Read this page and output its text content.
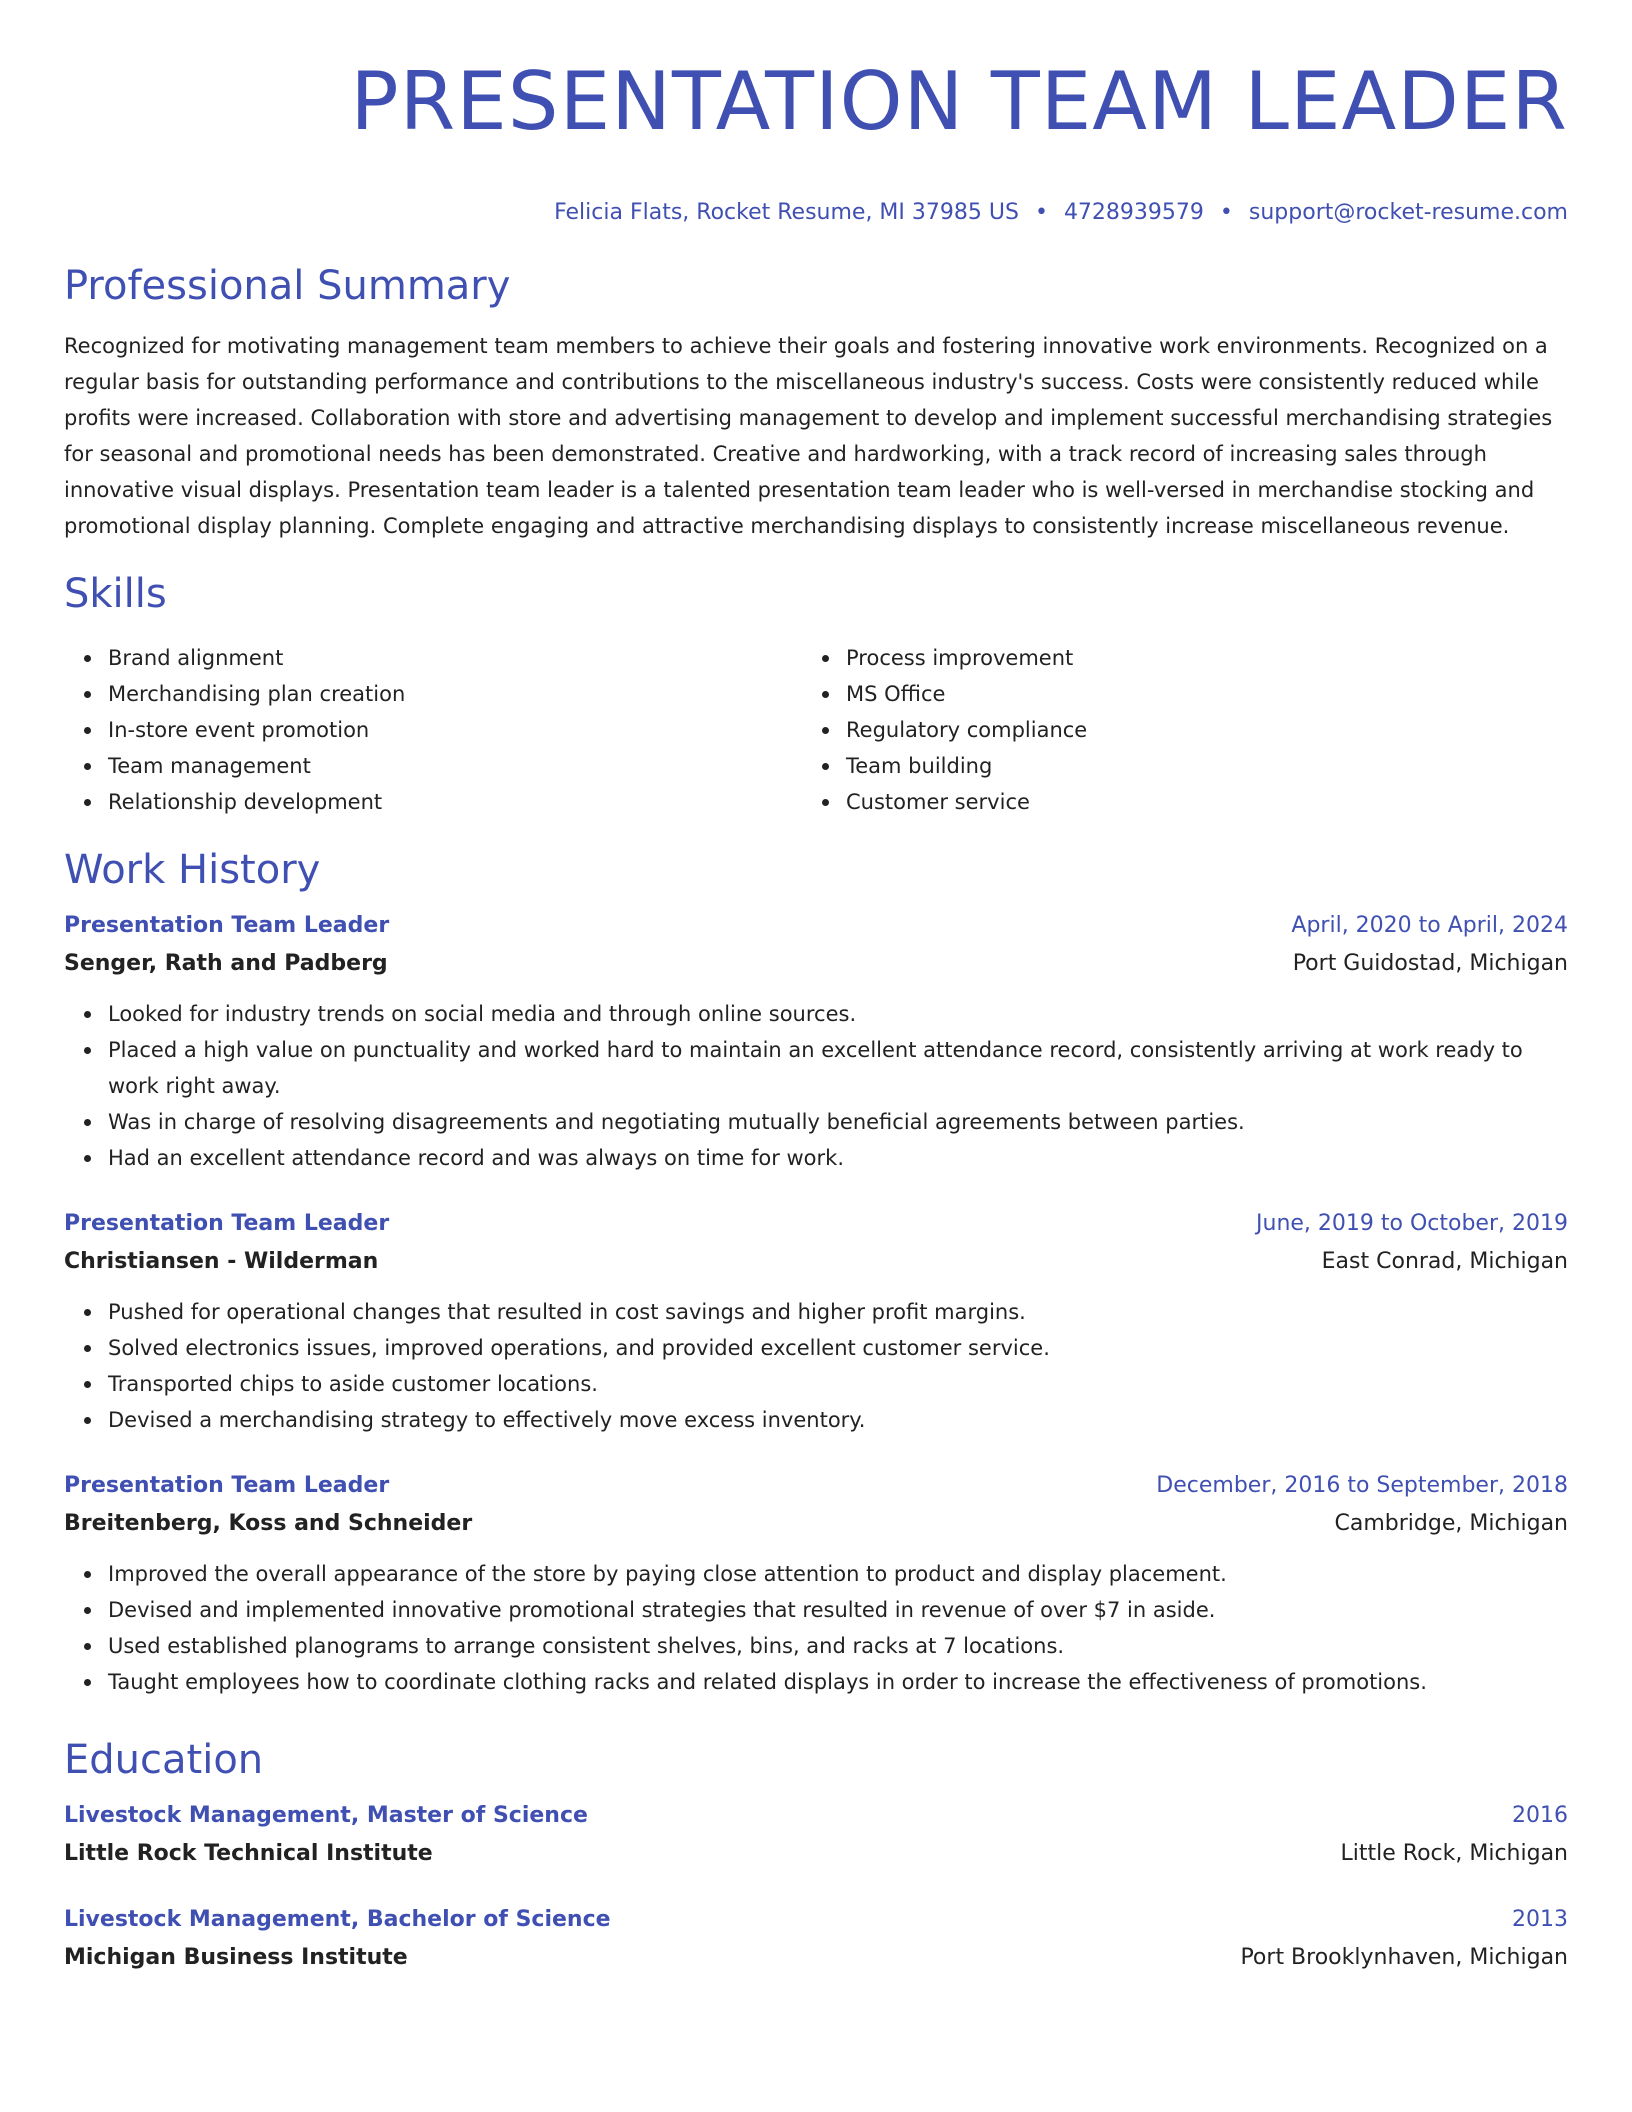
PRESENTATION TEAM LEADER
Felicia Flats, Rocket Resume, MI 37985 US • 4728939579 • support@rocket-resume.com
Professional Summary
Recognized for motivating management team members to achieve their goals and fostering innovative work environments. Recognized on a regular basis for outstanding performance and contributions to the miscellaneous industry's success. Costs were consistently reduced while profits were increased. Collaboration with store and advertising management to develop and implement successful merchandising strategies for seasonal and promotional needs has been demonstrated. Creative and hardworking, with a track record of increasing sales through innovative visual displays. Presentation team leader is a talented presentation team leader who is well-versed in merchandise stocking and promotional display planning. Complete engaging and attractive merchandising displays to consistently increase miscellaneous revenue.
Skills
Brand alignment
Merchandising plan creation
In-store event promotion
Team management
Relationship development
Process improvement
MS Office
Regulatory compliance
Team building
Customer service
Work History
Presentation Team Leader	April, 2020 to April, 2024
Senger, Rath and Padberg	Port Guidostad, Michigan
Looked for industry trends on social media and through online sources.
Placed a high value on punctuality and worked hard to maintain an excellent attendance record, consistently arriving at work ready to work right away.
Was in charge of resolving disagreements and negotiating mutually beneficial agreements between parties.
Had an excellent attendance record and was always on time for work.
Presentation Team Leader	June, 2019 to October, 2019
Christiansen - Wilderman	East Conrad, Michigan
Pushed for operational changes that resulted in cost savings and higher profit margins.
Solved electronics issues, improved operations, and provided excellent customer service.
Transported chips to aside customer locations.
Devised a merchandising strategy to effectively move excess inventory.
Presentation Team Leader	December, 2016 to September, 2018
Breitenberg, Koss and Schneider	Cambridge, Michigan
Improved the overall appearance of the store by paying close attention to product and display placement.
Devised and implemented innovative promotional strategies that resulted in revenue of over $7 in aside.
Used established planograms to arrange consistent shelves, bins, and racks at 7 locations.
Taught employees how to coordinate clothing racks and related displays in order to increase the effectiveness of promotions.
Education
Livestock Management, Master of Science	2016
Little Rock Technical Institute	Little Rock, Michigan
Livestock Management, Bachelor of Science	2013
Michigan Business Institute	Port Brooklynhaven, Michigan
